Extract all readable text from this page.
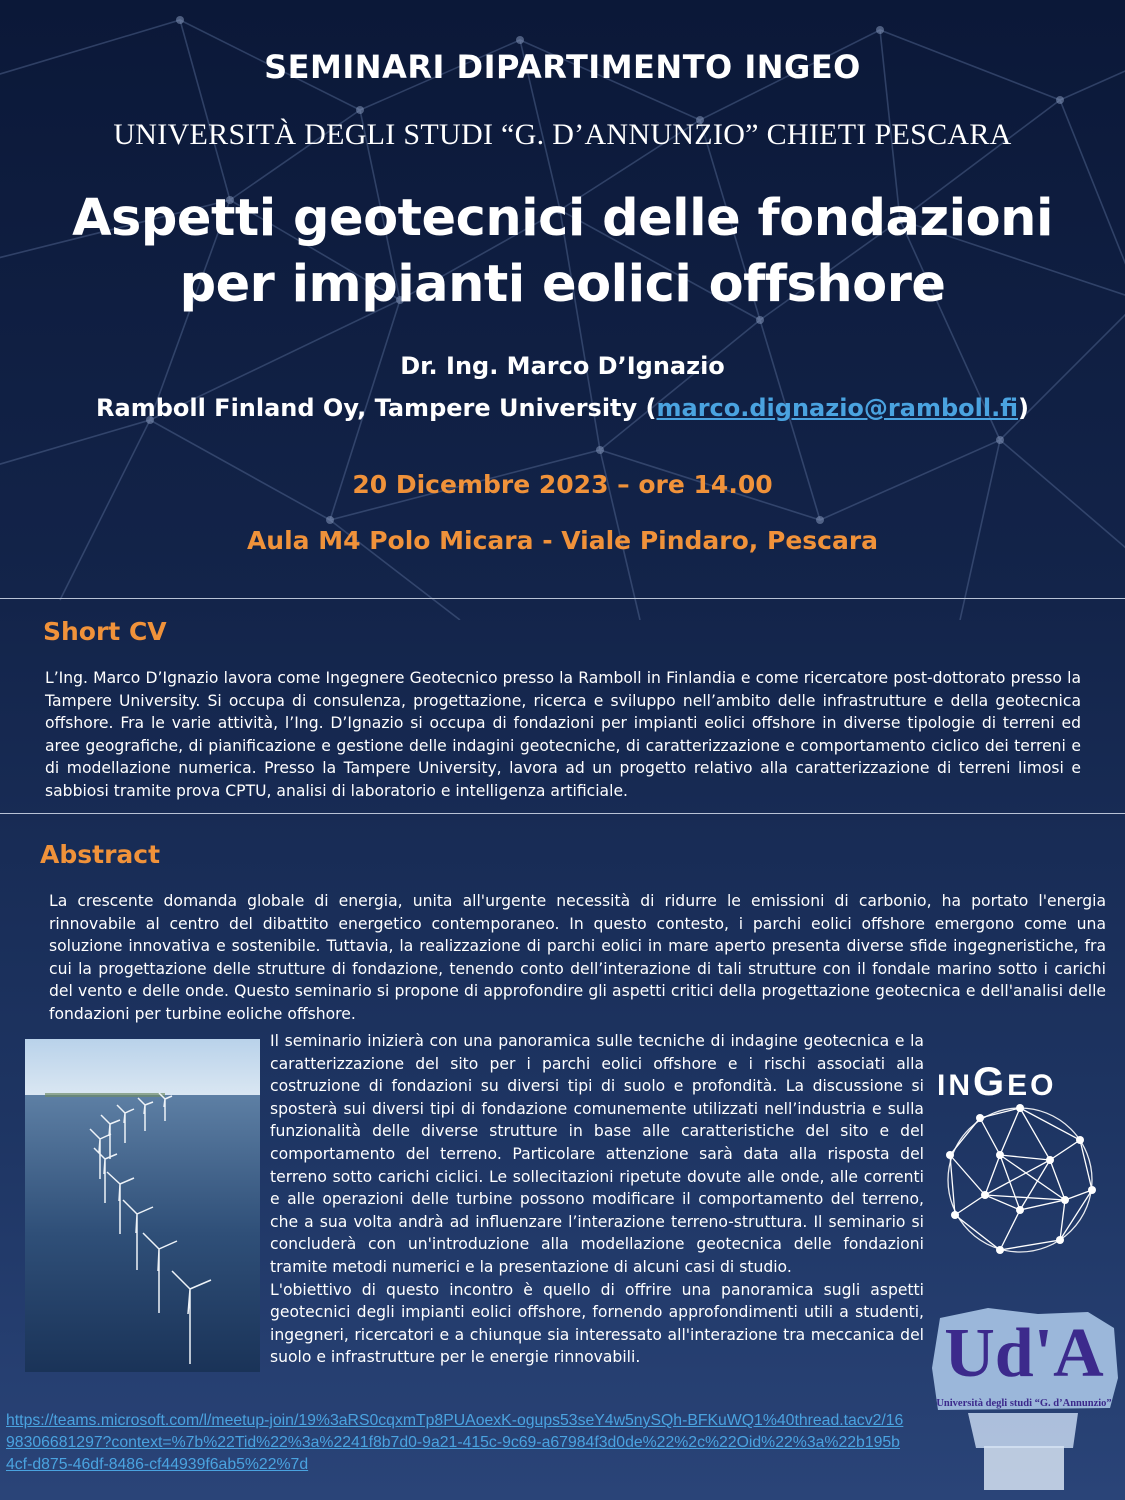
SEMINARI DIPARTIMENTO INGEO
UNIVERSITÀ DEGLI STUDI “G. D’ANNUNZIO” CHIETI PESCARA
Aspetti geotecnici delle fondazioni
per impianti eolici offshore
Dr. Ing. Marco D’Ignazio
Ramboll Finland Oy, Tampere University (marco.dignazio@ramboll.fi)
20 Dicembre 2023 – ore 14.00
Aula M4 Polo Micara - Viale Pindaro, Pescara
Short CV
L’Ing. Marco D’Ignazio lavora come Ingegnere Geotecnico presso la Ramboll in Finlandia e come ricercatore post-dottorato presso la Tampere University. Si occupa di consulenza, progettazione, ricerca e sviluppo nell’ambito delle infrastrutture e della geotecnica offshore. Fra le varie attività, l’Ing. D’Ignazio si occupa di fondazioni per impianti eolici offshore in diverse tipologie di terreni ed aree geografiche, di pianificazione e gestione delle indagini geotecniche, di caratterizzazione e comportamento ciclico dei terreni e di modellazione numerica. Presso la Tampere University, lavora ad un progetto relativo alla caratterizzazione di terreni limosi e sabbiosi tramite prova CPTU, analisi di laboratorio e intelligenza artificiale.
Abstract
La crescente domanda globale di energia, unita all'urgente necessità di ridurre le emissioni di carbonio, ha portato l'energia rinnovabile al centro del dibattito energetico contemporaneo. In questo contesto, i parchi eolici offshore emergono come una soluzione innovativa e sostenibile. Tuttavia, la realizzazione di parchi eolici in mare aperto presenta diverse sfide ingegneristiche, fra cui la progettazione delle strutture di fondazione, tenendo conto dell’interazione di tali strutture con il fondale marino sotto i carichi del vento e delle onde. Questo seminario si propone di approfondire gli aspetti critici della progettazione geotecnica e dell'analisi delle fondazioni per turbine eoliche offshore.
Il seminario inizierà con una panoramica sulle tecniche di indagine geotecnica e la caratterizzazione del sito per i parchi eolici offshore e i rischi associati alla costruzione di fondazioni su diversi tipi di suolo e profondità. La discussione si sposterà sui diversi tipi di fondazione comunemente utilizzati nell’industria e sulla funzionalità delle diverse strutture in base alle caratteristiche del sito e del comportamento del terreno. Particolare attenzione sarà data alla risposta del terreno sotto carichi ciclici. Le sollecitazioni ripetute dovute alle onde, alle correnti e alle operazioni delle turbine possono modificare il comportamento del terreno, che a sua volta andrà ad influenzare l’interazione terreno-struttura. Il seminario si concluderà con un'introduzione alla modellazione geotecnica delle fondazioni tramite metodi numerici e la presentazione di alcuni casi di studio.
L'obiettivo di questo incontro è quello di offrire una panoramica sugli aspetti geotecnici degli impianti eolici offshore, fornendo approfondimenti utili a studenti, ingegneri, ricercatori e a chiunque sia interessato all'interazione tra meccanica del suolo e infrastrutture per le energie rinnovabili.
INGEO
Ud'A
Università degli studi “G. d’Annunzio”
https://teams.microsoft.com/l/meetup-join/19%3aRS0cqxmTp8PUAoexK-ogups53seY4w5nySQh-BFKuWQ1%40thread.tacv2/1698306681297?context=%7b%22Tid%22%3a%2241f8b7d0-9a21-415c-9c69-a67984f3d0de%22%2c%22Oid%22%3a%22b195b4cf-d875-46df-8486-cf44939f6ab5%22%7d
